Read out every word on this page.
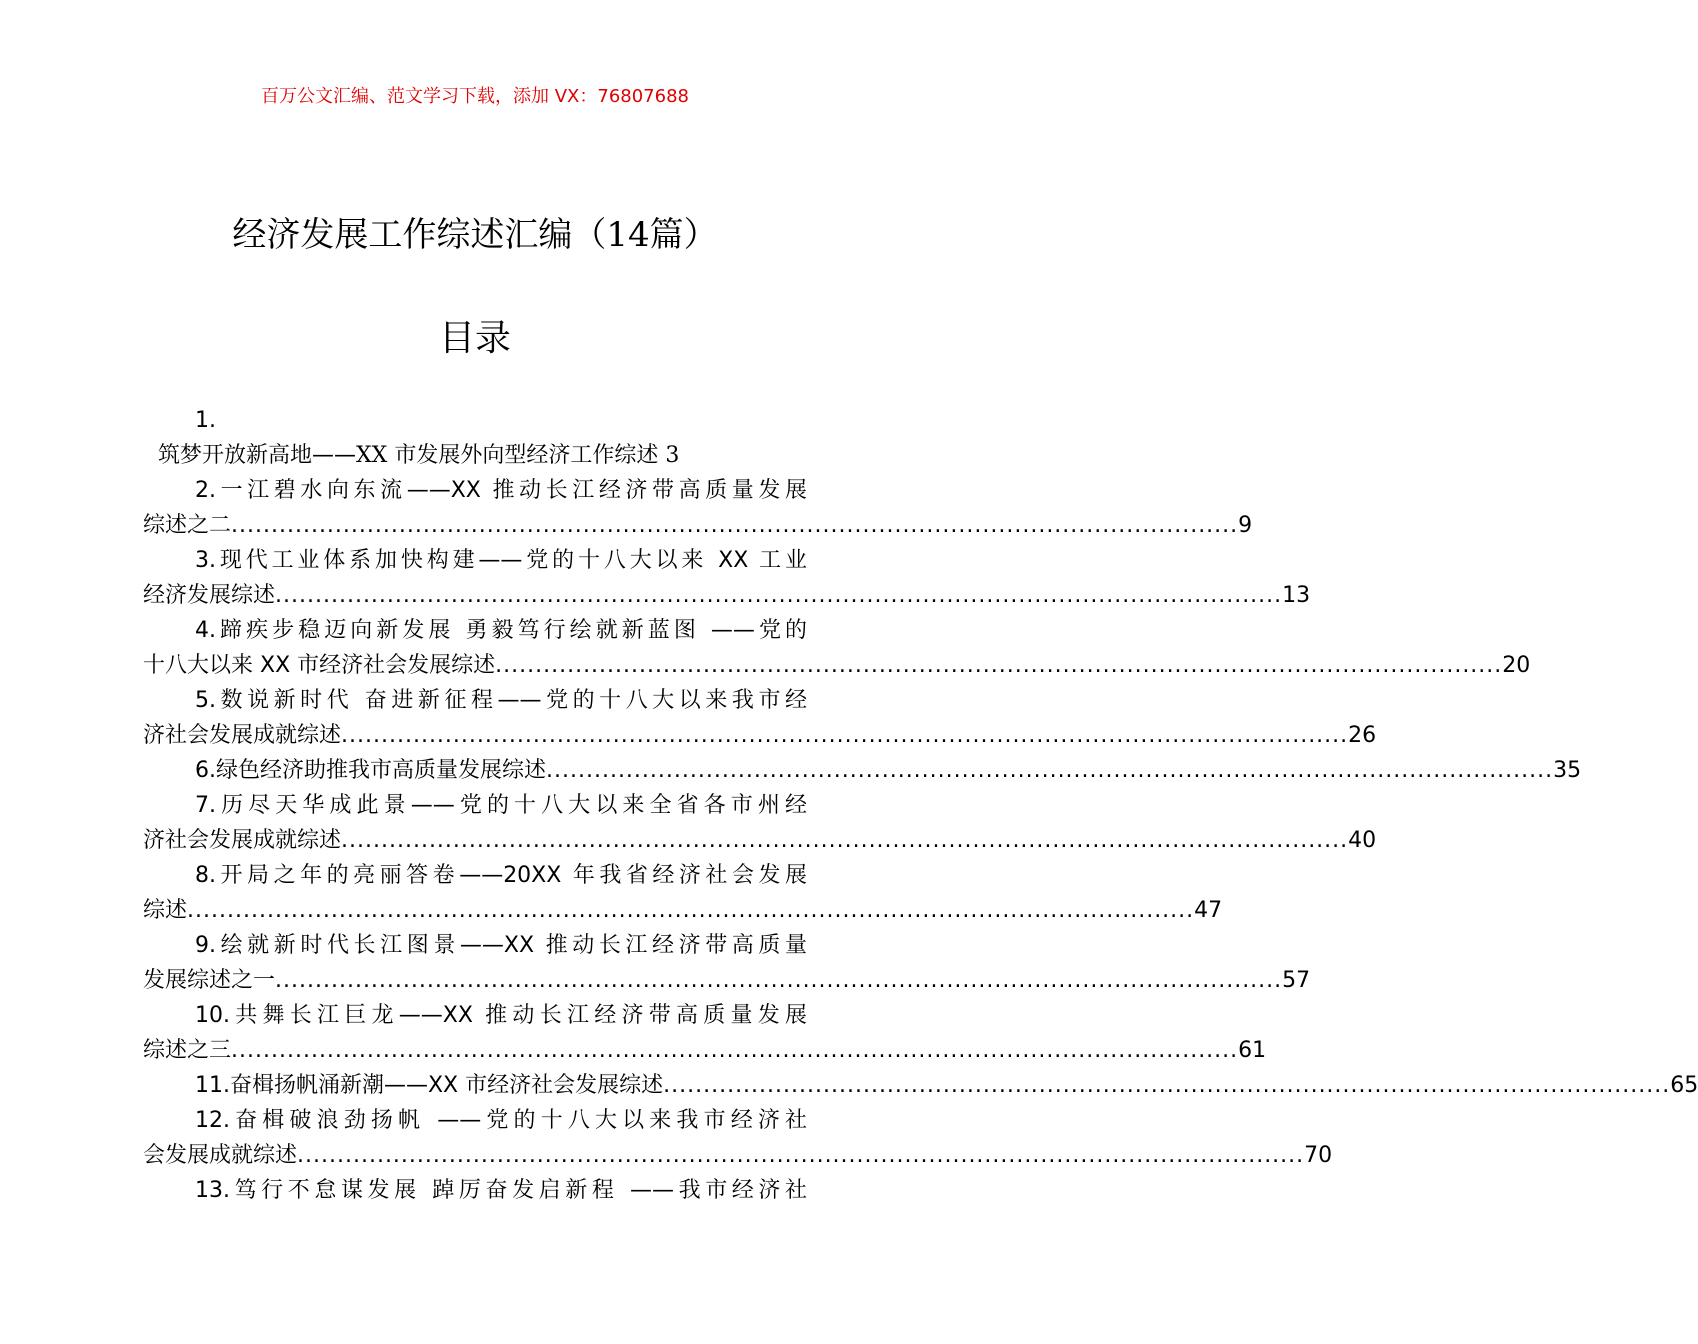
百万公文汇编、范文学习下载，添加 VX：76807688
经济发展工作综述汇编（14篇）
目录
1.
筑梦开放新高地——XX 市发展外向型经济工作综述 3
2.一江碧水向东流——XX 推动长江经济带高质量发展
综述之二 .............................................................................................................................. 9
3.现代工业体系加快构建——党的十八大以来 XX 工业
经济发展综述 .............................................................................................................................. 13
4.蹄疾步稳迈向新发展 勇毅笃行绘就新蓝图 ——党的
十八大以来 XX 市经济社会发展综述 .............................................................................................................................. 20
5.数说新时代 奋进新征程——党的十八大以来我市经
济社会发展成就综述 .............................................................................................................................. 26
6.绿色经济助推我市高质量发展综述 .............................................................................................................................. 35
7.历尽天华成此景——党的十八大以来全省各市州经
济社会发展成就综述 .............................................................................................................................. 40
8.开局之年的亮丽答卷——20XX 年我省经济社会发展
综述 .............................................................................................................................. 47
9.绘就新时代长江图景——XX 推动长江经济带高质量
发展综述之一 .............................................................................................................................. 57
10.共舞长江巨龙——XX 推动长江经济带高质量发展
综述之三 .............................................................................................................................. 61
11.奋楫扬帆涌新潮——XX 市经济社会发展综述 .............................................................................................................................. 65
12.奋楫破浪劲扬帆 ——党的十八大以来我市经济社
会发展成就综述 .............................................................................................................................. 70
13.笃行不怠谋发展 踔厉奋发启新程 ——我市经济社
